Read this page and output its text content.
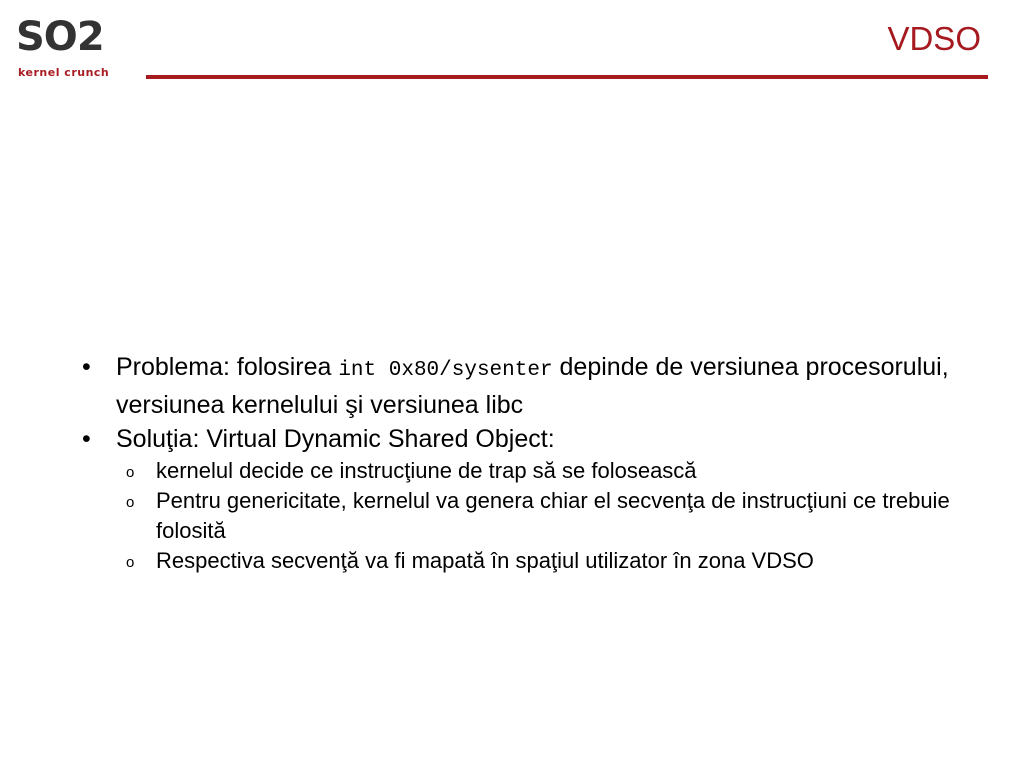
SO2
kernel crunch
VDSO
• Problema: folosirea int 0x80/sysenter depinde de versiunea procesorului, versiunea kernelului şi versiunea libc
• Soluţia: Virtual Dynamic Shared Object:
o kernelul decide ce instrucţiune de trap să se folosească
o Pentru genericitate, kernelul va genera chiar el secvenţa de instrucţiuni ce trebuie folosită
o Respectiva secvenţă va fi mapată în spaţiul utilizator în zona VDSO
